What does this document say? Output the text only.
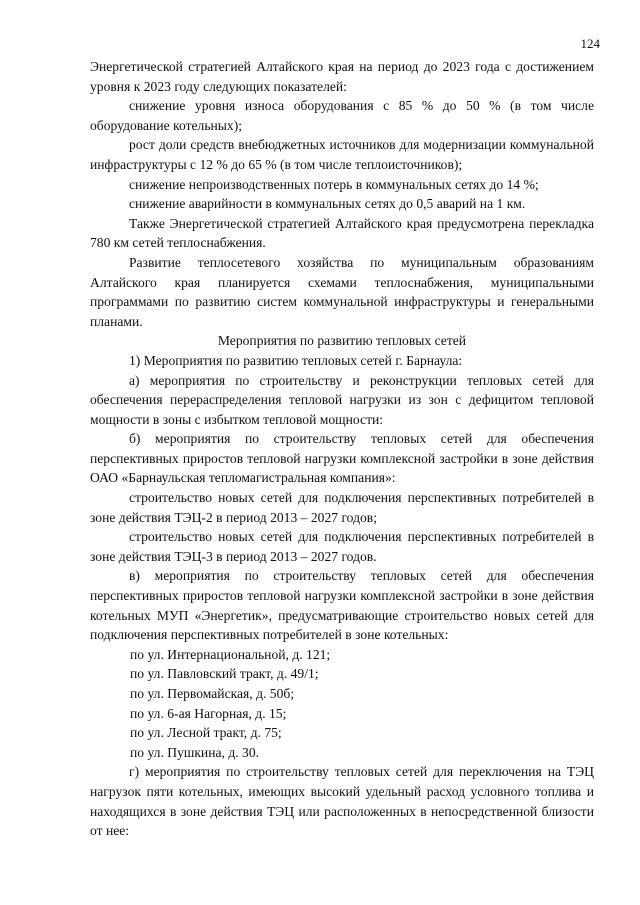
124

Энергетической стратегией Алтайского края на период до 2023 года с достижением уровня к 2023 году следующих показателей:

снижение уровня износа оборудования с 85 % до 50 % (в том числе оборудование котельных);

рост доли средств внебюджетных источников для модернизации коммунальной инфраструктуры с 12 % до 65 % (в том числе теплоисточников);

снижение непроизводственных потерь в коммунальных сетях до 14 %;

снижение аварийности в коммунальных сетях до 0,5 аварий на 1 км.

Также Энергетической стратегией Алтайского края предусмотрена перекладка 780 км сетей теплоснабжения.

Развитие теплосетевого хозяйства по муниципальным образованиям Алтайского края планируется схемами теплоснабжения, муниципальными программами по развитию систем коммунальной инфраструктуры и генеральными планами.

Мероприятия по развитию тепловых сетей

1) Мероприятия по развитию тепловых сетей г. Барнаула:

а) мероприятия по строительству и реконструкции тепловых сетей для обеспечения перераспределения тепловой нагрузки из зон с дефицитом тепловой мощности в зоны с избытком тепловой мощности:

б) мероприятия по строительству тепловых сетей для обеспечения перспективных приростов тепловой нагрузки комплексной застройки в зоне действия ОАО «Барнаульская тепломагистральная компания»:

строительство новых сетей для подключения перспективных потребителей в зоне действия ТЭЦ-2 в период 2013 – 2027 годов;

строительство новых сетей для подключения перспективных потребителей в зоне действия ТЭЦ-3 в период 2013 – 2027 годов.

в) мероприятия по строительству тепловых сетей для обеспечения перспективных приростов тепловой нагрузки комплексной застройки в зоне действия котельных МУП «Энергетик», предусматривающие строительство новых сетей для подключения перспективных потребителей в зоне котельных:

по ул. Интернациональной, д. 121;

по ул. Павловский тракт, д. 49/1;

по ул. Первомайская, д. 50б;

по ул. 6-ая Нагорная, д. 15;

по ул. Лесной тракт, д. 75;

по ул. Пушкина, д. 30.

г) мероприятия по строительству тепловых сетей для переключения на ТЭЦ нагрузок пяти котельных, имеющих высокий удельный расход условного топлива и находящихся в зоне действия ТЭЦ или расположенных в непосредственной близости от нее:
